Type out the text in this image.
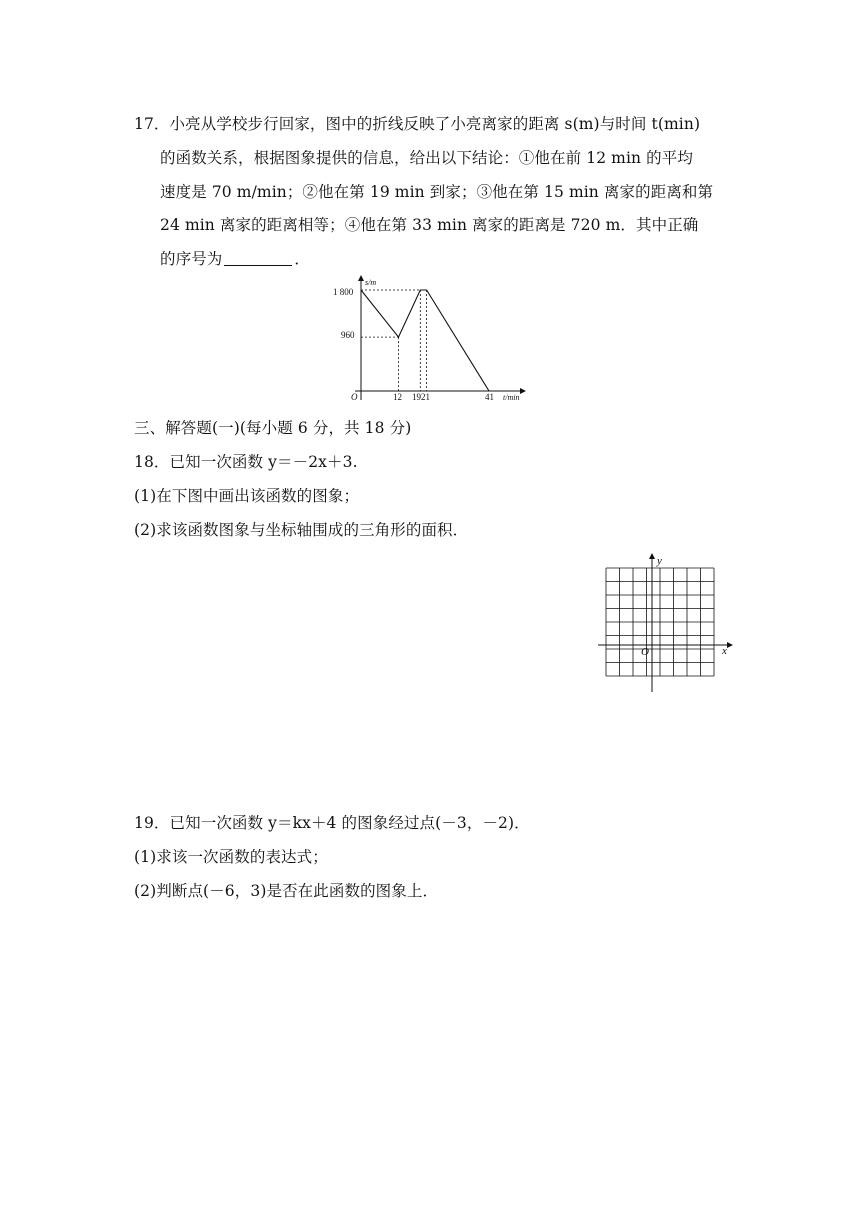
17．小亮从学校步行回家，图中的折线反映了小亮离家的距离 s(m)与时间 t(min)
的函数关系，根据图象提供的信息，给出以下结论：①他在前 12 min 的平均
速度是 70 m/min；②他在第 19 min 到家；③他在第 15 min 离家的距离和第
24 min 离家的距离相等；④他在第 33 min 离家的距离是 720 m．其中正确
的序号为	．
s/m
t/min
O
1 800
960
12 1921	41
三、解答题(一)(每小题 6 分，共 18 分)
18．已知一次函数 y＝－2x＋3.
(1)在下图中画出该函数的图象；
(2)求该函数图象与坐标轴围成的三角形的面积．
y
x
O
19．已知一次函数 y＝kx＋4 的图象经过点(－3，－2)．
(1)求该一次函数的表达式；
(2)判断点(－6，3)是否在此函数的图象上．
